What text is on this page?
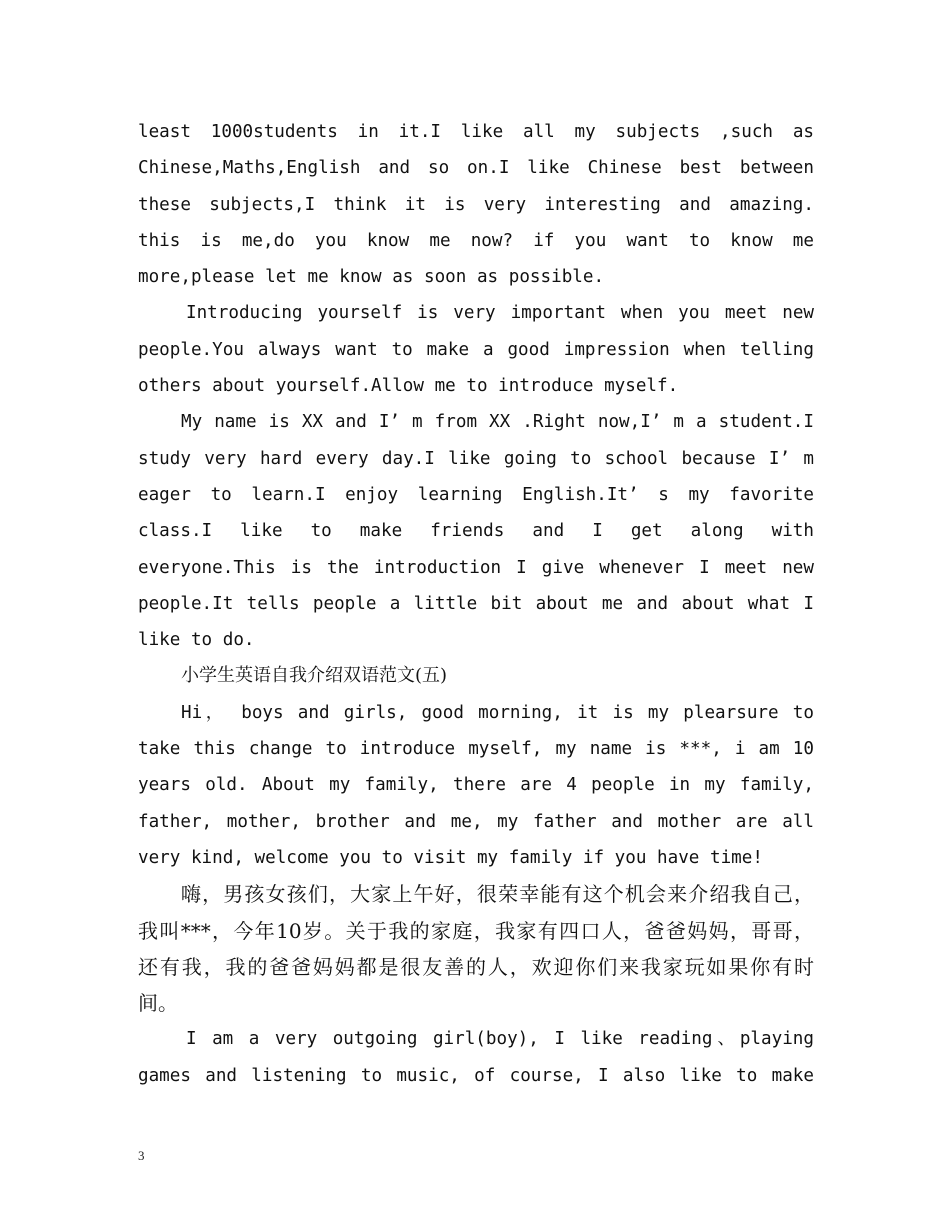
least 1000students in it.I like all my subjects ,such as
Chinese,Maths,English and so on.I like Chinese best between
these subjects,I think it is very interesting and amazing.
this is me,do you know me now? if you want to know me
more,please let me know as soon as possible.
Introducing yourself is very important when you meet new
people.You always want to make a good impression when telling
others about yourself.Allow me to introduce myself.
My name is XX and I’ m from XX .Right now,I’ m a student.I
study very hard every day.I like going to school because I’ m
eager to learn.I enjoy learning English.It’ s my favorite
class.I like to make friends and I get along with
everyone.This is the introduction I give whenever I meet new
people.It tells people a little bit about me and about what I
like to do.
小学生英语自我介绍双语范文(五)
Hi， boys and girls, good morning, it is my plearsure to
take this change to introduce myself, my name is ***, i am 10
years old. About my family, there are 4 people in my family,
father, mother, brother and me, my father and mother are all
very kind, welcome you to visit my family if you have time!
嗨，男孩女孩们，大家上午好，很荣幸能有这个机会来介绍我自己，
我叫***，今年10岁。关于我的家庭，我家有四口人，爸爸妈妈，哥哥，
还有我，我的爸爸妈妈都是很友善的人，欢迎你们来我家玩如果你有时
间。
I am a very outgoing girl(boy), I like reading、playing
games and listening to music, of course, I also like to make
3
